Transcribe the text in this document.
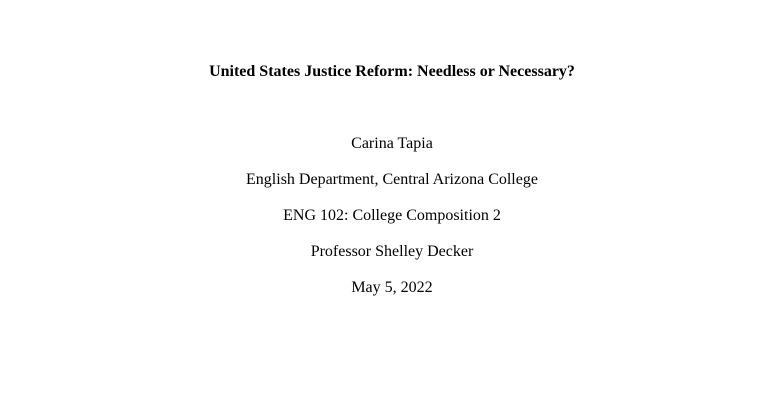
United States Justice Reform: Needless or Necessary?
Carina Tapia
English Department, Central Arizona College
ENG 102: College Composition 2
Professor Shelley Decker
May 5, 2022
